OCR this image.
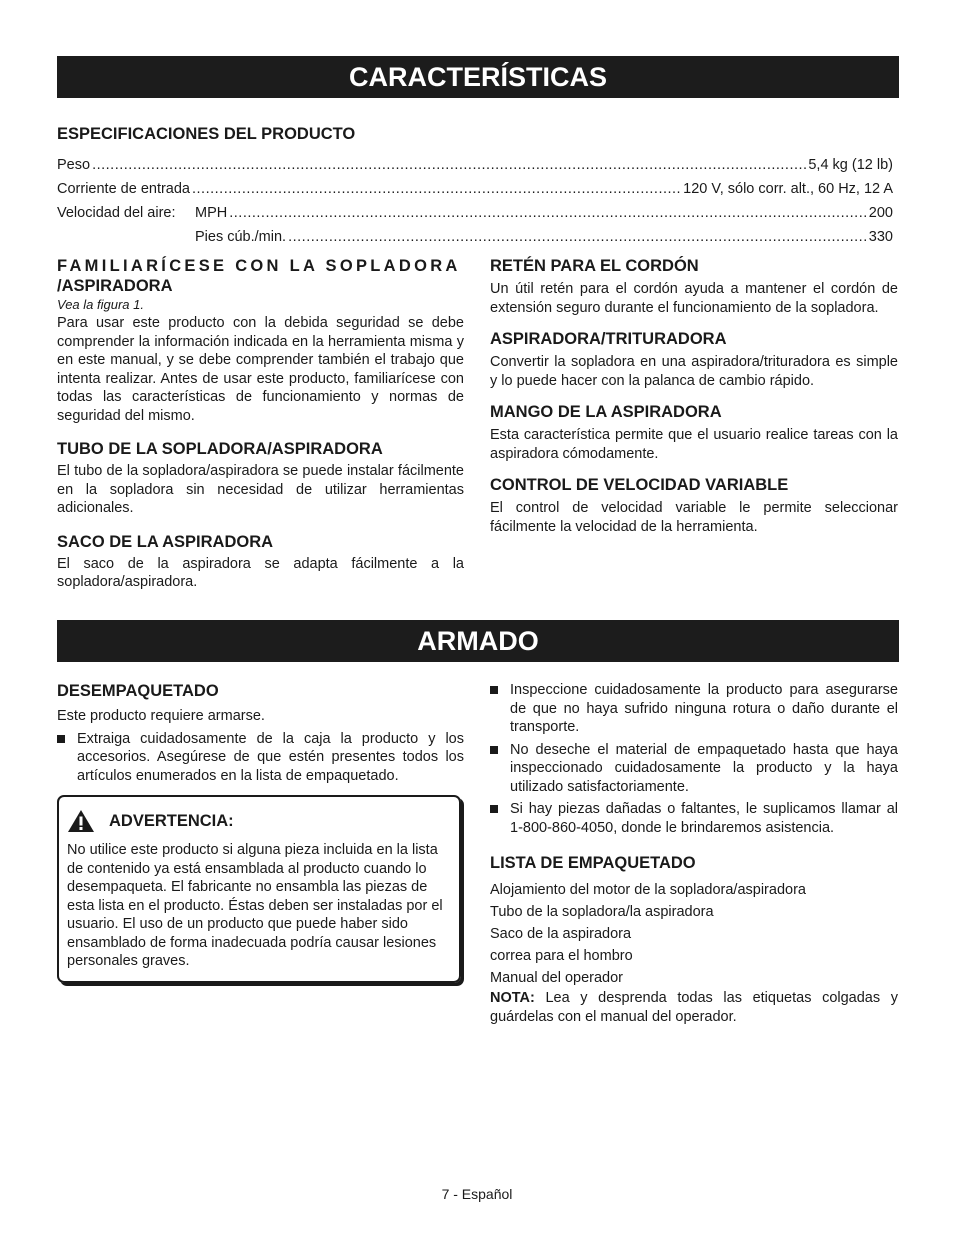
CARACTERÍSTICAS

ESPECIFICACIONES DEL PRODUCTO

Peso .....	5,4 kg (12 lb)
Corriente de entrada .....	120 V, sólo corr. alt., 60 Hz, 12 A
Velocidad del aire:	MPH .....	200
Pies cúb./min. .....	330

FAMILIARÍCESE CON LA SOPLADORA

/ASPIRADORA

Vea la figura 1.

Para usar este producto con la debida seguridad se debe comprender la información indicada en la herramienta misma y en este manual, y se debe comprender también el trabajo que intenta realizar. Antes de usar este producto, familiarícese con todas las características de funcionamiento y normas de seguridad del mismo.

TUBO DE LA SOPLADORA/ASPIRADORA

El tubo de la sopladora/aspiradora se puede instalar fácilmente en la sopladora sin necesidad de utilizar herramientas adicionales.

SACO DE LA ASPIRADORA

El saco de la aspiradora se adapta fácilmente a la sopladora/aspiradora.

RETÉN PARA EL CORDÓN

Un útil retén para el cordón ayuda a mantener el cordón de extensión seguro durante el funcionamiento de la sopladora.

ASPIRADORA/TRITURADORA

Convertir la sopladora en una aspiradora/trituradora es simple y lo puede hacer con la palanca de cambio rápido.

MANGO DE LA ASPIRADORA

Esta característica permite que el usuario realice tareas con la aspiradora cómodamente.

CONTROL DE VELOCIDAD VARIABLE

El control de velocidad variable le permite seleccionar fácilmente la velocidad de la herramienta.

ARMADO

DESEMPAQUETADO

Este producto requiere armarse.

Extraiga cuidadosamente de la caja la producto y los accesorios. Asegúrese de que estén presentes todos los artículos enumerados en la lista de empaquetado.
ADVERTENCIA:

No utilice este producto si alguna pieza incluida en la lista de contenido ya está ensamblada al producto cuando lo desempaqueta. El fabricante no ensambla las piezas de esta lista en el producto. Éstas deben ser instaladas por el usuario. El uso de un producto que puede haber sido ensamblado de forma inadecuada podría causar lesiones personales graves.

Inspeccione cuidadosamente la producto para asegurarse de que no haya sufrido ninguna rotura o daño durante el transporte.
No deseche el material de empaquetado hasta que haya inspeccionado cuidadosamente la producto y la haya utilizado satisfactoriamente.
Si hay piezas dañadas o faltantes, le suplicamos llamar al 1-800-860-4050, donde le brindaremos asistencia.

LISTA DE EMPAQUETADO

Alojamiento del motor de la sopladora/aspiradora

Tubo de la sopladora/la aspiradora

Saco de la aspiradora

correa para el hombro

Manual del operador

NOTA: Lea y desprenda todas las etiquetas colgadas y guárdelas con el manual del operador.

7 - Español
